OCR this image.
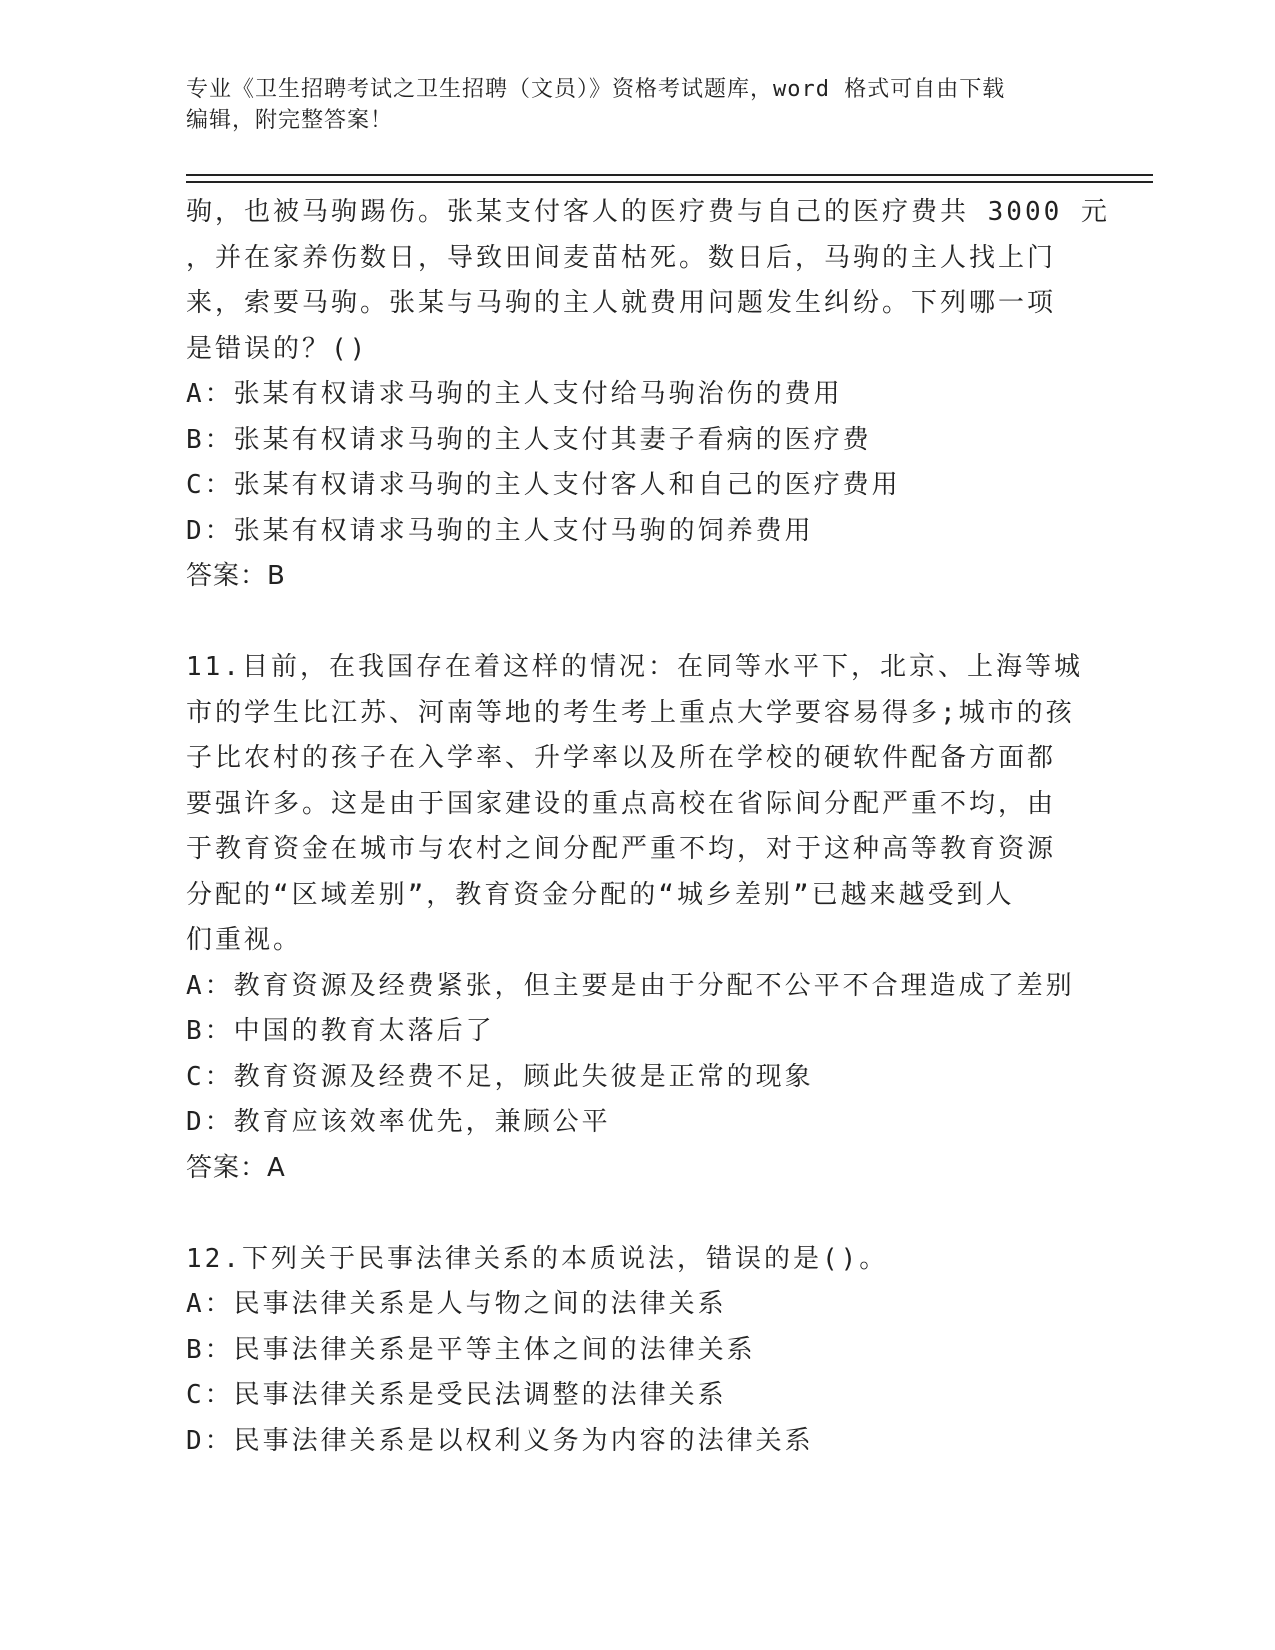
专业《卫生招聘考试之卫生招聘（文员）》资格考试题库，word 格式可自由下载
编辑，附完整答案！
驹，也被马驹踢伤。张某支付客人的医疗费与自己的医疗费共 3000 元
，并在家养伤数日，导致田间麦苗枯死。数日后，马驹的主人找上门
来，索要马驹。张某与马驹的主人就费用问题发生纠纷。下列哪一项
是错误的？()
A：张某有权请求马驹的主人支付给马驹治伤的费用
B：张某有权请求马驹的主人支付其妻子看病的医疗费
C：张某有权请求马驹的主人支付客人和自己的医疗费用
D：张某有权请求马驹的主人支付马驹的饲养费用
答案：B
11.目前，在我国存在着这样的情况：在同等水平下，北京、上海等城
市的学生比江苏、河南等地的考生考上重点大学要容易得多;城市的孩
子比农村的孩子在入学率、升学率以及所在学校的硬软件配备方面都
要强许多。这是由于国家建设的重点高校在省际间分配严重不均，由
于教育资金在城市与农村之间分配严重不均，对于这种高等教育资源
分配的“区域差别”，教育资金分配的“城乡差别”已越来越受到人
们重视。
A：教育资源及经费紧张，但主要是由于分配不公平不合理造成了差别
B：中国的教育太落后了
C：教育资源及经费不足，顾此失彼是正常的现象
D：教育应该效率优先，兼顾公平
答案：A
12.下列关于民事法律关系的本质说法，错误的是()。
A：民事法律关系是人与物之间的法律关系
B：民事法律关系是平等主体之间的法律关系
C：民事法律关系是受民法调整的法律关系
D：民事法律关系是以权利义务为内容的法律关系
